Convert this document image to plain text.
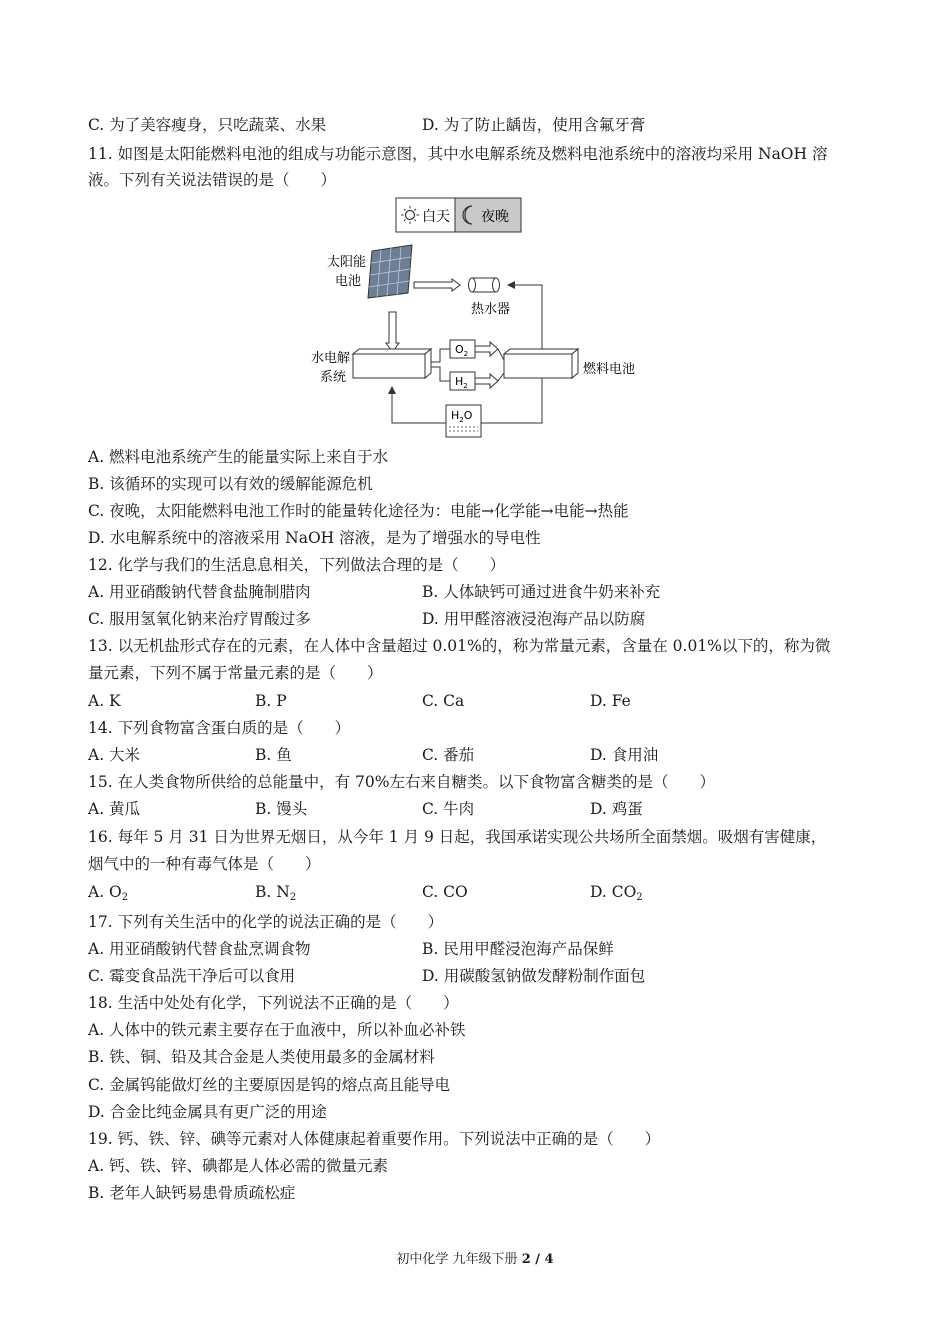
C. 为了美容瘦身，只吃蔬菜、水果	D. 为了防止龋齿，使用含氟牙膏
11. 如图是太阳能燃料电池的组成与功能示意图，其中水电解系统及燃料电池系统中的溶液均采用 NaOH 溶
液。下列有关说法错误的是（　　）
白天 夜晚
太阳能
电池
热水器
水电解
系统
燃料电池
$O_2$
$H_2$
$H_2O$
A. 燃料电池系统产生的能量实际上来自于水
B. 该循环的实现可以有效的缓解能源危机
C. 夜晚，太阳能燃料电池工作时的能量转化途径为：电能→化学能→电能→热能
D. 水电解系统中的溶液采用 NaOH 溶液，是为了增强水的导电性
12. 化学与我们的生活息息相关，下列做法合理的是（　　）
A. 用亚硝酸钠代替食盐腌制腊肉	B. 人体缺钙可通过进食牛奶来补充
C. 服用氢氧化钠来治疗胃酸过多	D. 用甲醛溶液浸泡海产品以防腐
13. 以无机盐形式存在的元素，在人体中含量超过 0.01%的，称为常量元素，含量在 0.01%以下的，称为微
量元素，下列不属于常量元素的是（　　）
A. K	B. P	C. Ca	D. Fe
14. 下列食物富含蛋白质的是（　　）
A. 大米	B. 鱼	C. 番茄	D. 食用油
15. 在人类食物所供给的总能量中，有 70%左右来自糖类。以下食物富含糖类的是（　　）
A. 黄瓜	B. 馒头	C. 牛肉	D. 鸡蛋
16. 每年 5 月 31 日为世界无烟日，从今年 1 月 9 日起，我国承诺实现公共场所全面禁烟。吸烟有害健康，
烟气中的一种有毒气体是（　　）
A. $O_2$	B. $N_2$	C. CO	D. $CO_2$
17. 下列有关生活中的化学的说法正确的是（　　）
A. 用亚硝酸钠代替食盐烹调食物	B. 民用甲醛浸泡海产品保鲜
C. 霉变食品洗干净后可以食用	D. 用碳酸氢钠做发酵粉制作面包
18. 生活中处处有化学，下列说法不正确的是（　　）
A. 人体中的铁元素主要存在于血液中，所以补血必补铁
B. 铁、铜、铅及其合金是人类使用最多的金属材料
C. 金属钨能做灯丝的主要原因是钨的熔点高且能导电
D. 合金比纯金属具有更广泛的用途
19. 钙、铁、锌、碘等元素对人体健康起着重要作用。下列说法中正确的是（　　）
A. 钙、铁、锌、碘都是人体必需的微量元素
B. 老年人缺钙易患骨质疏松症
初中化学 九年级下册 2 / 4
